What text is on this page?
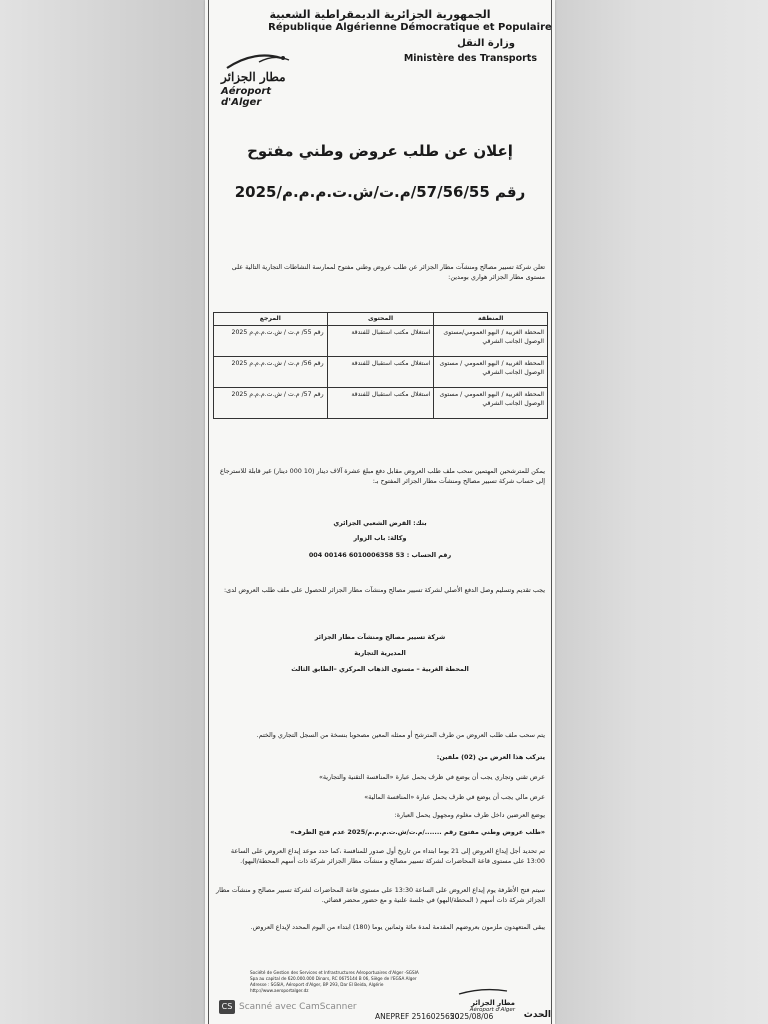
الجمهورية الجزائرية الديمقراطية الشعبية
République Algérienne Démocratique et Populaire
وزارة النقل
Ministère des Transports
مطار الجزائر
Aéroport d'Alger
إعلان عن طلب عروض وطني مفتوح
رقم 57/56/55/م.ت/ش.ت.م.م.م/2025
تعلن شركة تسيير مصالح ومنشآت مطار الجزائر عن طلب عروض وطني مفتوح لممارسة النشاطات التجارية التالية على مستوى مطار الجزائر هواري بومدين:
المنطقة	المحتوى	المرجع
المحطة الغربية / البهو العمومي/مستوى الوصول الجانب الشرقي	استغلال مكتب استقبال للفندقة	رقم 55/ م.ت / ش.ت.م.م.م 2025
المحطة الغربية / البهو العمومي / مستوى الوصول الجانب الشرقي	استغلال مكتب استقبال للفندقة	رقم 56/ م.ت / ش.ت.م.م.م 2025
المحطة الغربية / البهو العمومي / مستوى الوصول الجانب الشرقي	استغلال مكتب استقبال للفندقة	رقم 57/ م.ت / ش.ت.م.م.م 2025
يمكن للمترشحين المهتمين سحب ملف طلب العروض مقابل دفع مبلغ عشرة آلاف دينار (10 000 دينار) غير قابلة للاسترجاع إلى حساب شركة تسيير مصالح ومنشآت مطار الجزائر المفتوح بـ:
بنك: القرض الشعبي الجزائري
وكالة: باب الزوار
رقم الحساب : 53 6010006358 00146 004
يجب تقديم وتسليم وصل الدفع الأصلي لشركة تسيير مصالح ومنشآت مطار الجزائر للحصول على ملف طلب العروض لدى:
شركة تسيير مصالح ومنشآت مطار الجزائر
المديرية التجارية
المحطة الغربية – مستوى الذهاب المركزي –الطابق الثالث
يتم سحب ملف طلب العروض من طرف المترشح أو ممثله المعين مصحوبا بنسخة من السجل التجاري والختم.
يتركب هذا العرض من (02) ملفين:
عرض تقني وتجاري يجب أن يوضع في ظرف يحمل عبارة «المنافسة التقنية والتجارية»
عرض مالي يجب أن يوضع في ظرف يحمل عبارة «المنافسة المالية»
يوضع العرضين داخل ظرف مغلوم ومجهول يحمل العبارة:
«طلب عروض وطني مفتوح رقم ......./م.ت/ش.ت.م.م.م/2025 عدم فتح الظرف»
تم تحديد أجل إيداع العروض إلى 21 يوما ابتداء من تاريخ أول صدور للمنافسة ،كما حدد موعد إيداع العروض على الساعة 13:00 على مستوى قاعة المحاضرات لشركة تسيير مصالح و منشآت مطار الجزائر شركة ذات أسهم المحطة/البهو).
سيتم فتح الأظرفة يوم إيداع العروض على الساعة 13:30 على مستوى قاعة المحاضرات لشركة تسيير مصالح و منشآت مطار الجزائر شركة ذات أسهم ( المحطة/البهو) في جلسة علنية و مع حضور محضر قضائي.
يبقى المتعهدون ملزمون بعروضهم المقدمة لمدة مائة وثمانين يوما (180) ابتداء من اليوم المحدد لإيداع العروض.
Société de Gestion des Services et Infrastructures Aéroportuaires d'Alger -SGSIA
Spa au capital de 620.000.000 Dinars, RC 0675144 B 06, Siège de l'EGSA Alger
Adresse : SGSIA, Aéroport d'Alger, BP 293, Dar El Beida, Algérie
http://www.aeroportalger.dz
مطار الجزائر
Aéroport d'Alger
CS Scanné avec CamScanner
ANEPREF 2516025650
2025/08/06	الحدث
